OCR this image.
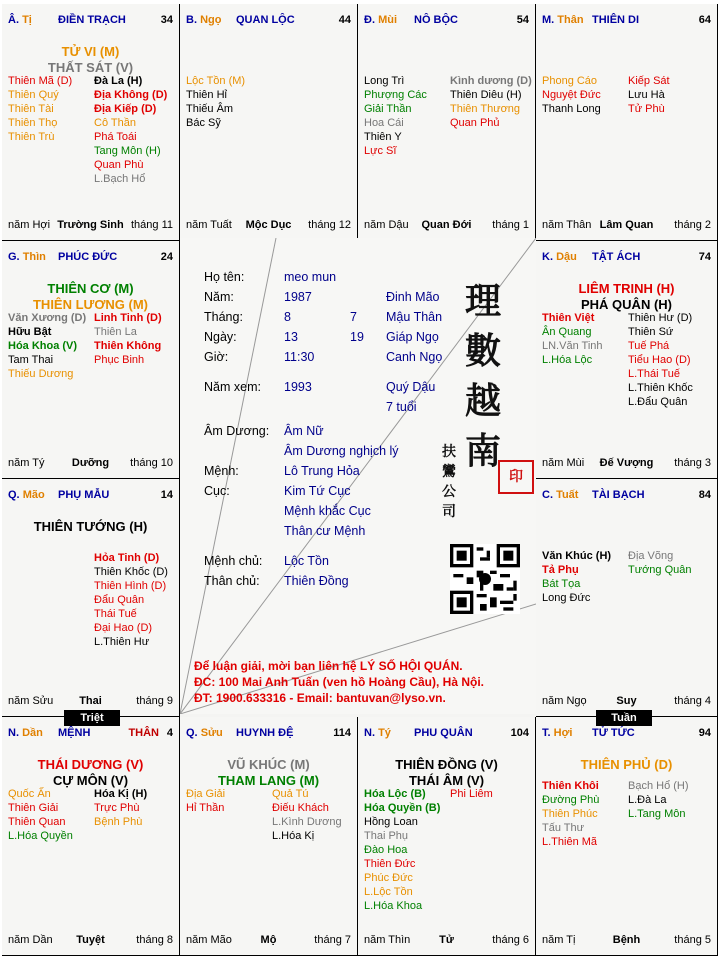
Â. Tị ĐIỀN TRẠCH	34
TỬ VI (M)
THẤT SÁT (V)
Thiên Mã (D)
Thiên Quý
Thiên Tài
Thiên Thọ
Thiên Trù
Đà La (H)
Địa Không (D)
Địa Kiếp (D)
Cô Thần
Phá Toái
Tang Môn (H)
Quan Phù
L.Bạch Hổ
năm Hợi Trường Sinh tháng 11
B. Ngọ QUAN LỘC	44
Lộc Tồn (M)
Thiên Hỉ
Thiếu Âm
Bác Sỹ
năm Tuất	Mộc Dục	tháng 12
Đ. Mùi NÔ BỘC	54
Long Trì
Phượng Các
Giải Thần
Hoa Cái
Thiên Y
Lực Sĩ
Kình dương (D)
Thiên Diêu (H)
Thiên Thương
Quan Phủ
năm Dậu	Quan Đới	tháng 1
M. Thân THIÊN DI	64
Phong Cáo
Nguyệt Đức
Thanh Long
Kiếp Sát
Lưu Hà
Tử Phù
năm Thân Lâm Quan	tháng 2
G. Thìn PHÚC ĐỨC	24
THIÊN CƠ (M)
THIÊN LƯƠNG (M)
Văn Xương (D)
Hữu Bật
Hóa Khoa (V)
Tam Thai
Thiếu Dương
Linh Tinh (D)
Thiên La
Thiên Không
Phục Binh
năm Tý	Dưỡng	tháng 10
K. Dậu TẬT ÁCH	74
LIÊM TRINH (H)
PHÁ QUÂN (H)
Thiên Việt
Ân Quang
LN.Văn Tinh
L.Hóa Lộc
Thiên Hư (D)
Thiên Sứ
Tuế Phá
Tiểu Hao (D)
L.Thái Tuế
L.Thiên Khốc
L.Đẩu Quân
năm Mùi	Đế Vượng	tháng 3
Q. Mão PHỤ MẪU	14
THIÊN TƯỚNG (H)
Hỏa Tinh (D)
Thiên Khốc (D)
Thiên Hình (D)
Đẩu Quân
Thái Tuế
Đại Hao (D)
L.Thiên Hư
năm Sửu	Thai	tháng 9
C. Tuất TÀI BẠCH	84
Văn Khúc (H)
Tả Phụ
Bát Tọa
Long Đức
Địa Võng
Tướng Quân
năm Ngọ	Suy	tháng 4
N. Dần MỆNH	THÂN 4
THÁI DƯƠNG (V)
CỰ MÔN (V)
Quốc Ấn
Thiên Giải
Thiên Quan
L.Hóa Quyền
Hóa Kị (H)
Trực Phù
Bệnh Phù
năm Dần	Tuyệt	tháng 8
Q. Sửu HUYNH ĐỆ	114
VŨ KHÚC (M)
THAM LANG (M)
Địa Giải
Hỉ Thần
Quả Tú
Điếu Khách
L.Kình Dương
L.Hóa Kị
năm Mão	Mộ	tháng 7
N. Tý PHU QUÂN	104
THIÊN ĐỒNG (V)
THÁI ÂM (V)
Hóa Lộc (B)
Hóa Quyền (B)
Hồng Loan
Thai Phụ
Đào Hoa
Thiên Đức
Phúc Đức
L.Lộc Tồn
L.Hóa Khoa
Phi Liêm
năm Thìn	Tử	tháng 6
T. Hợi TỬ TỨC	94
THIÊN PHỦ (D)
Thiên Khôi
Đường Phù
Thiên Phúc
Tấu Thư
L.Thiên Mã
Bạch Hổ (H)
L.Đà La
L.Tang Môn
năm Tị	Bệnh	tháng 5
Họ tên:	meo mun
Năm:	1987	Đinh Mão
Tháng:	8	7 Mậu Thân
Ngày:	13	19 Giáp Ngọ
Giờ:	11:30	Canh Ngọ
Năm xem: 1993	Quý Dậu
7 tuổi
Âm Dương: Âm Nữ
Âm Dương nghịch lý
Mệnh:	Lô Trung Hỏa
Cục:	Kim Tứ Cục
Mệnh khắc Cục
Thân cư Mệnh
Mệnh chủ: Lộc Tồn
Thân chủ: Thiên Đồng
理
數
越
南
扶
鸞
公
司
印
Để luận giải, mời bạn liên hệ LÝ SỐ HỘI QUÁN.
ĐC: 100 Mai Anh Tuấn (ven hồ Hoàng Cầu), Hà Nội.
ĐT: 1900.633316 - Email: bantuvan@lyso.vn.
Triệt	Tuần
